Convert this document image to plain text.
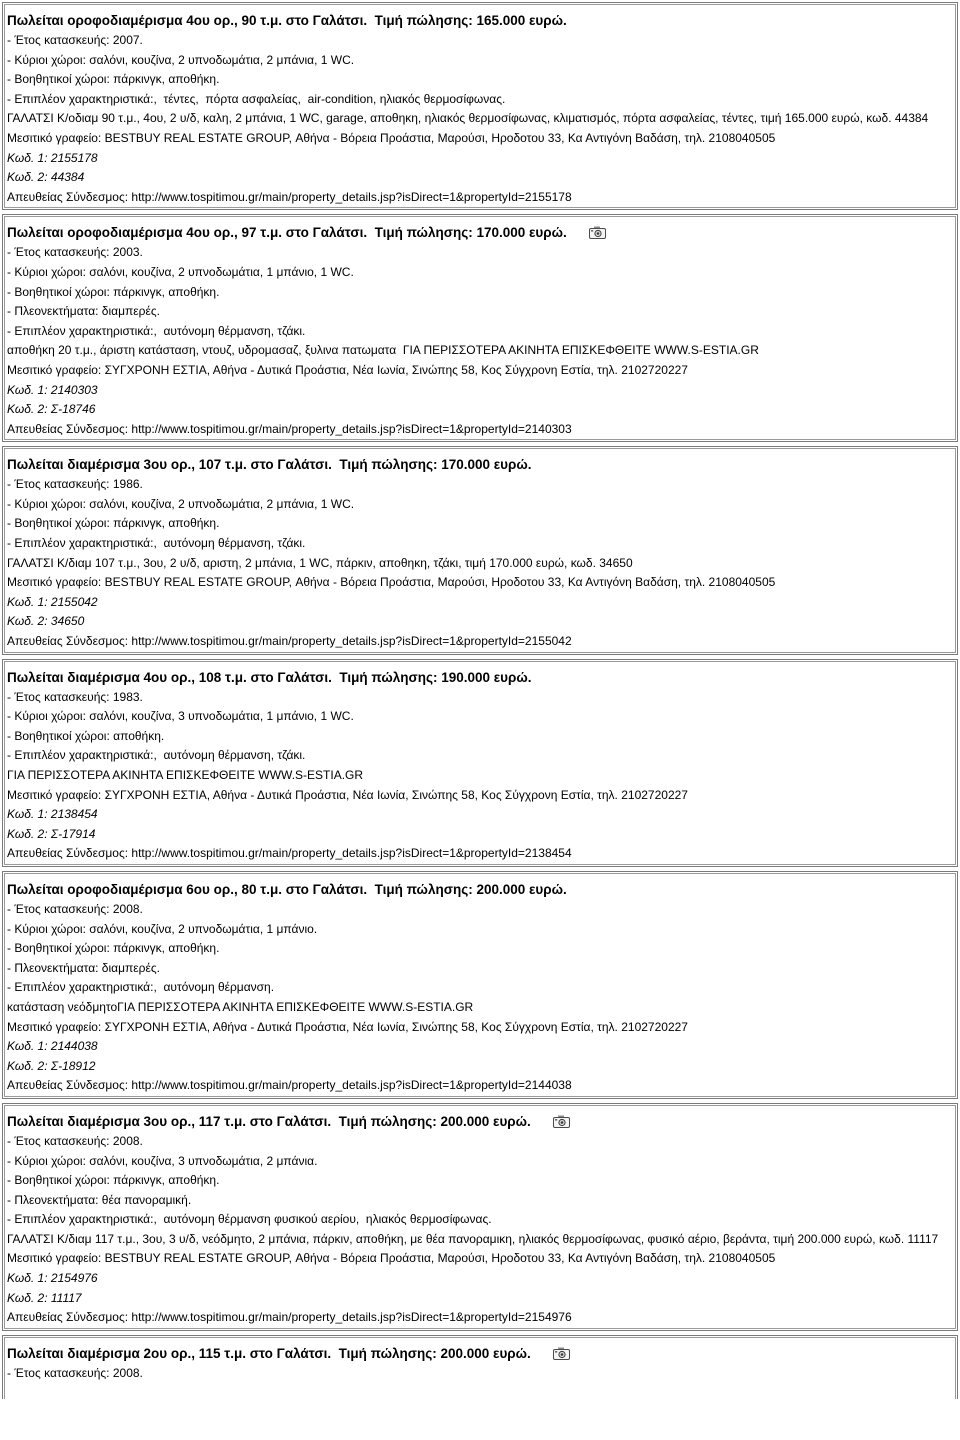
Πωλείται οροφοδιαμέρισμα 4ου ορ., 90 τ.μ. στο Γαλάτσι.  Τιμή πώλησης: 165.000 ευρώ.
- Έτος κατασκευής: 2007.
- Κύριοι χώροι: σαλόνι, κουζίνα, 2 υπνοδωμάτια, 2 μπάνια, 1 WC.
- Βοηθητικοί χώροι: πάρκινγκ, αποθήκη.
- Επιπλέον χαρακτηριστικά:,  τέντες,  πόρτα ασφαλείας,  air-condition, ηλιακός θερμοσίφωνας.
ΓΑΛΑΤΣΙ Κ/οδιαμ 90 τ.μ., 4ου, 2 υ/δ, καλη, 2 μπάνια, 1 WC, garage, αποθηκη, ηλιακός θερμοσίφωνας, κλιματισμός, πόρτα ασφαλείας, τέντες, τιμή 165.000 ευρώ, κωδ. 44384
Μεσιτικό γραφείο: BESTBUY REAL ESTATE GROUP, Αθήνα - Βόρεια Προάστια, Μαρούσι, Ηροδοτου 33, Κα Αντιγόνη Βαδάση, τηλ. 2108040505
Κωδ. 1: 2155178
Κωδ. 2: 44384
Απευθείας Σύνδεσμος: http://www.tospitimou.gr/main/property_details.jsp?isDirect=1&propertyId=2155178
Πωλείται οροφοδιαμέρισμα 4ου ορ., 97 τ.μ. στο Γαλάτσι.  Τιμή πώλησης: 170.000 ευρώ.
- Έτος κατασκευής: 2003.
- Κύριοι χώροι: σαλόνι, κουζίνα, 2 υπνοδωμάτια, 1 μπάνιο, 1 WC.
- Βοηθητικοί χώροι: πάρκινγκ, αποθήκη.
- Πλεονεκτήματα: διαμπερές.
- Επιπλέον χαρακτηριστικά:,  αυτόνομη θέρμανση, τζάκι.
αποθήκη 20 τ.μ., άριστη κατάσταση, ντουζ, υδρομασαζ, ξυλινα πατωματα  ΓΙΑ ΠΕΡΙΣΣΟΤΕΡΑ ΑΚΙΝΗΤΑ ΕΠΙΣΚΕΦΘΕΙΤΕ WWW.S-ESTIA.GR
Μεσιτικό γραφείο: ΣΥΓΧΡΟΝΗ ΕΣΤΙΑ, Αθήνα - Δυτικά Προάστια, Νέα Ιωνία, Σινώπης 58, Κος Σύγχρονη Εστία, τηλ. 2102720227
Κωδ. 1: 2140303
Κωδ. 2: Σ-18746
Απευθείας Σύνδεσμος: http://www.tospitimou.gr/main/property_details.jsp?isDirect=1&propertyId=2140303
Πωλείται διαμέρισμα 3ου ορ., 107 τ.μ. στο Γαλάτσι.  Τιμή πώλησης: 170.000 ευρώ.
- Έτος κατασκευής: 1986.
- Κύριοι χώροι: σαλόνι, κουζίνα, 2 υπνοδωμάτια, 2 μπάνια, 1 WC.
- Βοηθητικοί χώροι: πάρκινγκ, αποθήκη.
- Επιπλέον χαρακτηριστικά:,  αυτόνομη θέρμανση, τζάκι.
ΓΑΛΑΤΣΙ Κ/διαμ 107 τ.μ., 3ου, 2 υ/δ, αριστη, 2 μπάνια, 1 WC, πάρκιν, αποθηκη, τζάκι, τιμή 170.000 ευρώ, κωδ. 34650
Μεσιτικό γραφείο: BESTBUY REAL ESTATE GROUP, Αθήνα - Βόρεια Προάστια, Μαρούσι, Ηροδοτου 33, Κα Αντιγόνη Βαδάση, τηλ. 2108040505
Κωδ. 1: 2155042
Κωδ. 2: 34650
Απευθείας Σύνδεσμος: http://www.tospitimou.gr/main/property_details.jsp?isDirect=1&propertyId=2155042
Πωλείται διαμέρισμα 4ου ορ., 108 τ.μ. στο Γαλάτσι.  Τιμή πώλησης: 190.000 ευρώ.
- Έτος κατασκευής: 1983.
- Κύριοι χώροι: σαλόνι, κουζίνα, 3 υπνοδωμάτια, 1 μπάνιο, 1 WC.
- Βοηθητικοί χώροι: αποθήκη.
- Επιπλέον χαρακτηριστικά:,  αυτόνομη θέρμανση, τζάκι.
ΓΙΑ ΠΕΡΙΣΣΟΤΕΡΑ ΑΚΙΝΗΤΑ ΕΠΙΣΚΕΦΘΕΙΤΕ WWW.S-ESTIA.GR
Μεσιτικό γραφείο: ΣΥΓΧΡΟΝΗ ΕΣΤΙΑ, Αθήνα - Δυτικά Προάστια, Νέα Ιωνία, Σινώπης 58, Κος Σύγχρονη Εστία, τηλ. 2102720227
Κωδ. 1: 2138454
Κωδ. 2: Σ-17914
Απευθείας Σύνδεσμος: http://www.tospitimou.gr/main/property_details.jsp?isDirect=1&propertyId=2138454
Πωλείται οροφοδιαμέρισμα 6ου ορ., 80 τ.μ. στο Γαλάτσι.  Τιμή πώλησης: 200.000 ευρώ.
- Έτος κατασκευής: 2008.
- Κύριοι χώροι: σαλόνι, κουζίνα, 2 υπνοδωμάτια, 1 μπάνιο.
- Βοηθητικοί χώροι: πάρκινγκ, αποθήκη.
- Πλεονεκτήματα: διαμπερές.
- Επιπλέον χαρακτηριστικά:,  αυτόνομη θέρμανση.
κατάσταση νεόδμητοΓΙΑ ΠΕΡΙΣΣΟΤΕΡΑ ΑΚΙΝΗΤΑ ΕΠΙΣΚΕΦΘΕΙΤΕ WWW.S-ESTIA.GR
Μεσιτικό γραφείο: ΣΥΓΧΡΟΝΗ ΕΣΤΙΑ, Αθήνα - Δυτικά Προάστια, Νέα Ιωνία, Σινώπης 58, Κος Σύγχρονη Εστία, τηλ. 2102720227
Κωδ. 1: 2144038
Κωδ. 2: Σ-18912
Απευθείας Σύνδεσμος: http://www.tospitimou.gr/main/property_details.jsp?isDirect=1&propertyId=2144038
Πωλείται διαμέρισμα 3ου ορ., 117 τ.μ. στο Γαλάτσι.  Τιμή πώλησης: 200.000 ευρώ.
- Έτος κατασκευής: 2008.
- Κύριοι χώροι: σαλόνι, κουζίνα, 3 υπνοδωμάτια, 2 μπάνια.
- Βοηθητικοί χώροι: πάρκινγκ, αποθήκη.
- Πλεονεκτήματα: θέα πανοραμική.
- Επιπλέον χαρακτηριστικά:,  αυτόνομη θέρμανση φυσικού αερίου,  ηλιακός θερμοσίφωνας.
ΓΑΛΑΤΣΙ Κ/διαμ 117 τ.μ., 3ου, 3 υ/δ, νεόδμητο, 2 μπάνια, πάρκιν, αποθήκη, με θέα πανοραμικη, ηλιακός θερμοσίφωνας, φυσικό αέριο, βεράντα, τιμή 200.000 ευρώ, κωδ. 11117
Μεσιτικό γραφείο: BESTBUY REAL ESTATE GROUP, Αθήνα - Βόρεια Προάστια, Μαρούσι, Ηροδοτου 33, Κα Αντιγόνη Βαδάση, τηλ. 2108040505
Κωδ. 1: 2154976
Κωδ. 2: 11117
Απευθείας Σύνδεσμος: http://www.tospitimou.gr/main/property_details.jsp?isDirect=1&propertyId=2154976
Πωλείται διαμέρισμα 2ου ορ., 115 τ.μ. στο Γαλάτσι.  Τιμή πώλησης: 200.000 ευρώ.
- Έτος κατασκευής: 2008.
